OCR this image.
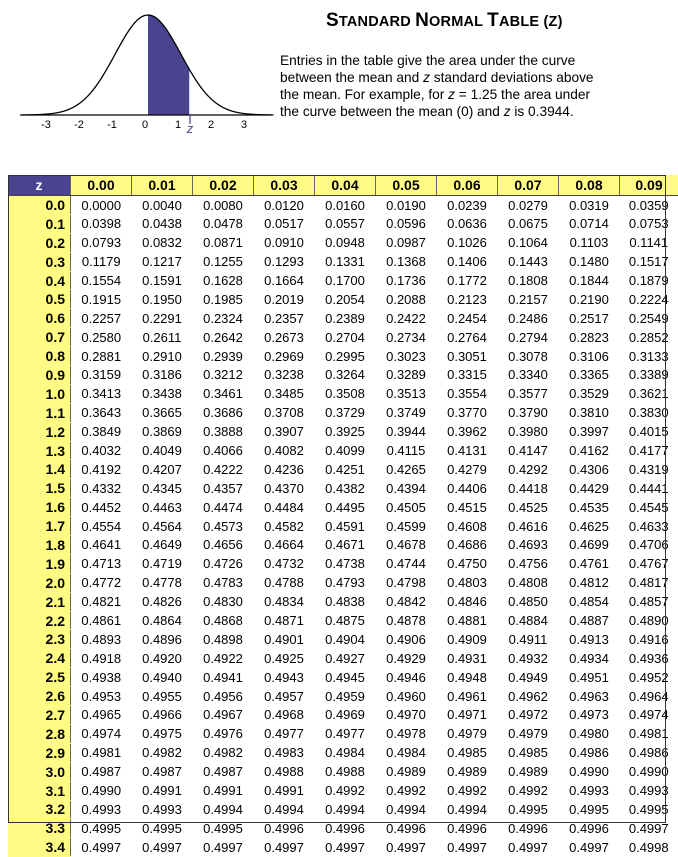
-3 -2 -1 0 1 2 3
z
STANDARD NORMAL TABLE (Z)
Entries in the table give the area under the curve
between the mean and z standard deviations above
the mean. For example, for z = 1.25 the area under
the curve between the mean (0) and z is 0.3944.
z	0.00	0.01	0.02	0.03	0.04	0.05	0.06	0.07	0.08	0.09
0.0	0.0000	0.0040	0.0080	0.0120	0.0160	0.0190	0.0239	0.0279	0.0319	0.0359
0.1	0.0398	0.0438	0.0478	0.0517	0.0557	0.0596	0.0636	0.0675	0.0714	0.0753
0.2	0.0793	0.0832	0.0871	0.0910	0.0948	0.0987	0.1026	0.1064	0.1103	0.1141
0.3	0.1179	0.1217	0.1255	0.1293	0.1331	0.1368	0.1406	0.1443	0.1480	0.1517
0.4	0.1554	0.1591	0.1628	0.1664	0.1700	0.1736	0.1772	0.1808	0.1844	0.1879
0.5	0.1915	0.1950	0.1985	0.2019	0.2054	0.2088	0.2123	0.2157	0.2190	0.2224
0.6	0.2257	0.2291	0.2324	0.2357	0.2389	0.2422	0.2454	0.2486	0.2517	0.2549
0.7	0.2580	0.2611	0.2642	0.2673	0.2704	0.2734	0.2764	0.2794	0.2823	0.2852
0.8	0.2881	0.2910	0.2939	0.2969	0.2995	0.3023	0.3051	0.3078	0.3106	0.3133
0.9	0.3159	0.3186	0.3212	0.3238	0.3264	0.3289	0.3315	0.3340	0.3365	0.3389
1.0	0.3413	0.3438	0.3461	0.3485	0.3508	0.3513	0.3554	0.3577	0.3529	0.3621
1.1	0.3643	0.3665	0.3686	0.3708	0.3729	0.3749	0.3770	0.3790	0.3810	0.3830
1.2	0.3849	0.3869	0.3888	0.3907	0.3925	0.3944	0.3962	0.3980	0.3997	0.4015
1.3	0.4032	0.4049	0.4066	0.4082	0.4099	0.4115	0.4131	0.4147	0.4162	0.4177
1.4	0.4192	0.4207	0.4222	0.4236	0.4251	0.4265	0.4279	0.4292	0.4306	0.4319
1.5	0.4332	0.4345	0.4357	0.4370	0.4382	0.4394	0.4406	0.4418	0.4429	0.4441
1.6	0.4452	0.4463	0.4474	0.4484	0.4495	0.4505	0.4515	0.4525	0.4535	0.4545
1.7	0.4554	0.4564	0.4573	0.4582	0.4591	0.4599	0.4608	0.4616	0.4625	0.4633
1.8	0.4641	0.4649	0.4656	0.4664	0.4671	0.4678	0.4686	0.4693	0.4699	0.4706
1.9	0.4713	0.4719	0.4726	0.4732	0.4738	0.4744	0.4750	0.4756	0.4761	0.4767
2.0	0.4772	0.4778	0.4783	0.4788	0.4793	0.4798	0.4803	0.4808	0.4812	0.4817
2.1	0.4821	0.4826	0.4830	0.4834	0.4838	0.4842	0.4846	0.4850	0.4854	0.4857
2.2	0.4861	0.4864	0.4868	0.4871	0.4875	0.4878	0.4881	0.4884	0.4887	0.4890
2.3	0.4893	0.4896	0.4898	0.4901	0.4904	0.4906	0.4909	0.4911	0.4913	0.4916
2.4	0.4918	0.4920	0.4922	0.4925	0.4927	0.4929	0.4931	0.4932	0.4934	0.4936
2.5	0.4938	0.4940	0.4941	0.4943	0.4945	0.4946	0.4948	0.4949	0.4951	0.4952
2.6	0.4953	0.4955	0.4956	0.4957	0.4959	0.4960	0.4961	0.4962	0.4963	0.4964
2.7	0.4965	0.4966	0.4967	0.4968	0.4969	0.4970	0.4971	0.4972	0.4973	0.4974
2.8	0.4974	0.4975	0.4976	0.4977	0.4977	0.4978	0.4979	0.4979	0.4980	0.4981
2.9	0.4981	0.4982	0.4982	0.4983	0.4984	0.4984	0.4985	0.4985	0.4986	0.4986
3.0	0.4987	0.4987	0.4987	0.4988	0.4988	0.4989	0.4989	0.4989	0.4990	0.4990
3.1	0.4990	0.4991	0.4991	0.4991	0.4992	0.4992	0.4992	0.4992	0.4993	0.4993
3.2	0.4993	0.4993	0.4994	0.4994	0.4994	0.4994	0.4994	0.4995	0.4995	0.4995
3.3	0.4995	0.4995	0.4995	0.4996	0.4996	0.4996	0.4996	0.4996	0.4996	0.4997
3.4	0.4997	0.4997	0.4997	0.4997	0.4997	0.4997	0.4997	0.4997	0.4997	0.4998
